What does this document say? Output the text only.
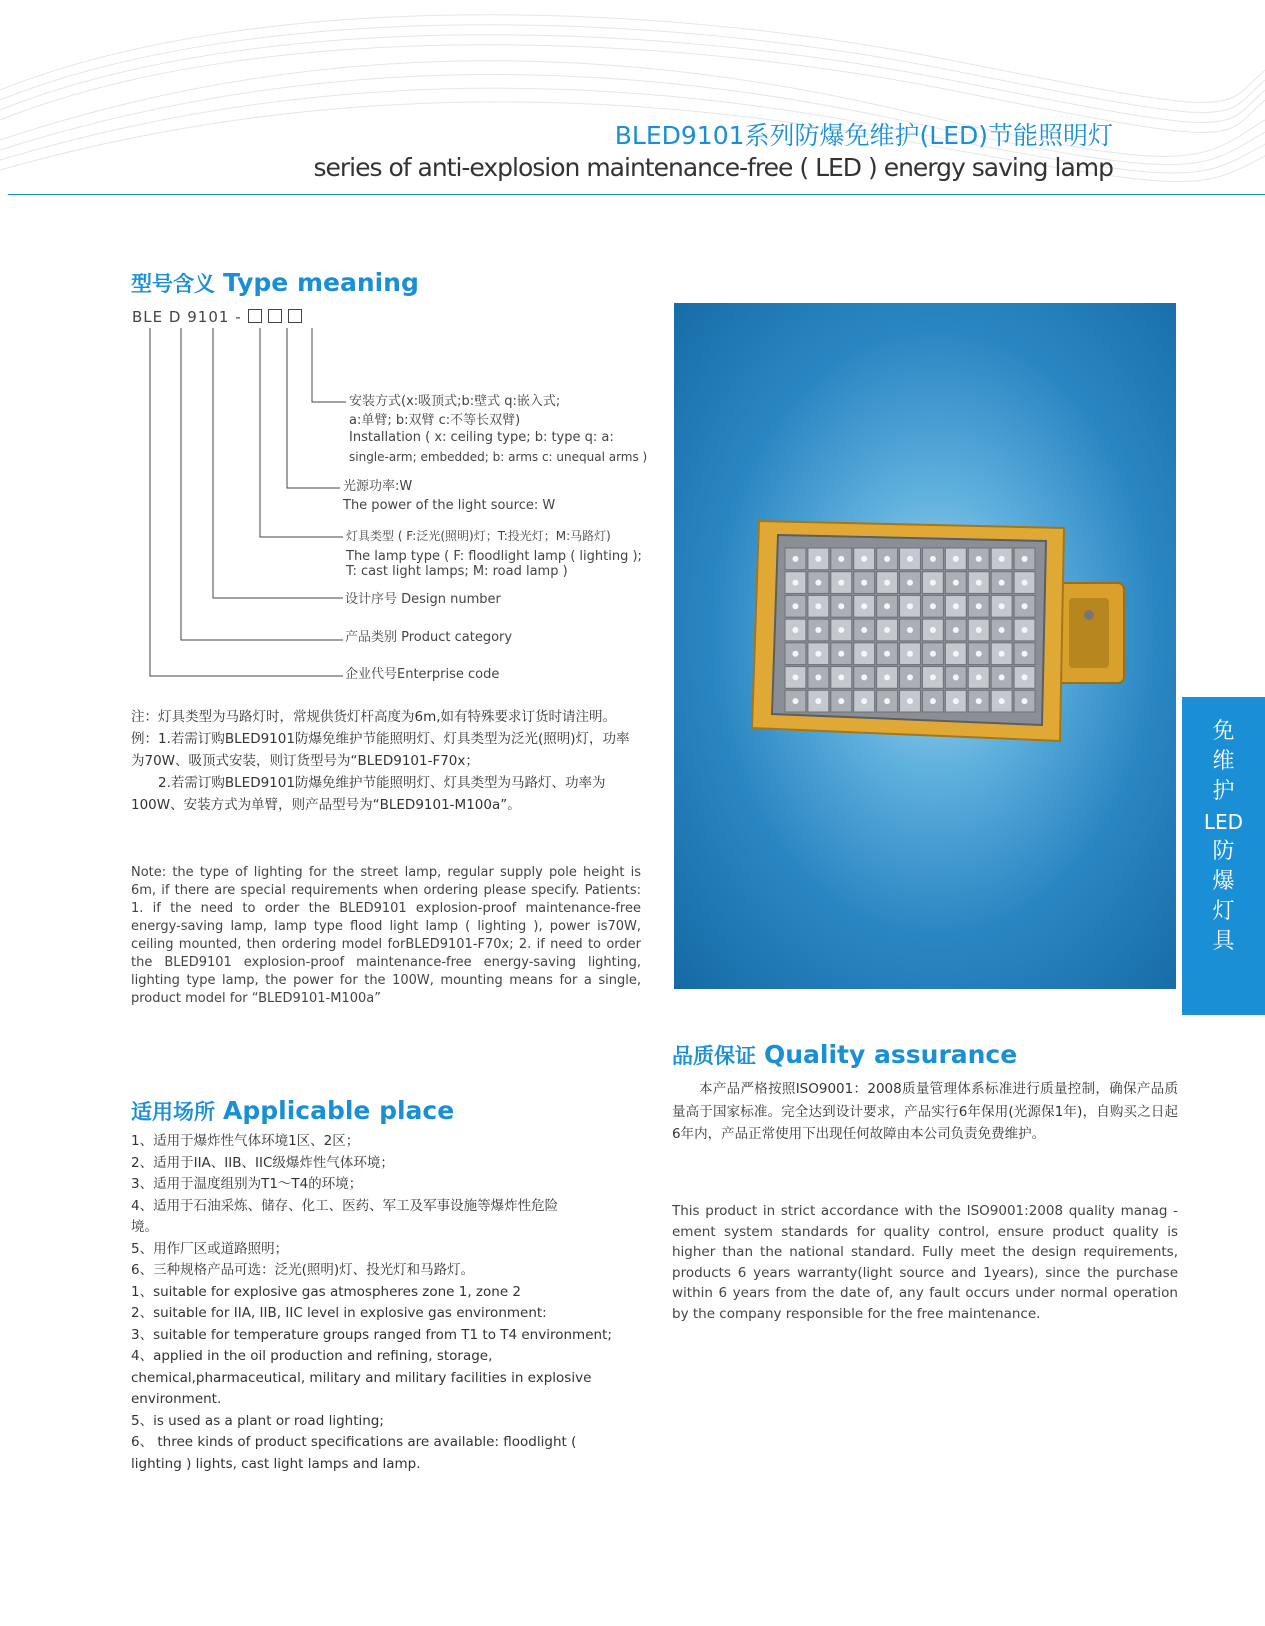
BLED9101系列防爆免维护(LED)节能照明灯
series of anti-explosion maintenance-free ( LED ) energy saving lamp
型号含义 Type meaning
BLE D 9101 -
安装方式(x:吸顶式;b:壁式 q:嵌入式;
a:单臂; b:双臂 c:不等长双臂)
Installation ( x: ceiling type; b: type q: a:
single-arm; embedded; b: arms c: unequal arms )
光源功率:W
The power of the light source: W
灯具类型 ( F:泛光(照明)灯；T:投光灯；M:马路灯)
The lamp type ( F: floodlight lamp ( lighting );
T: cast light lamps; M: road lamp )
设计序号 Design number
产品类别 Product category
企业代号Enterprise code

注：灯具类型为马路灯时，常规供货灯杆高度为6m,如有特殊要求订货时请注明。

例：1.若需订购BLED9101防爆免维护节能照明灯、灯具类型为泛光(照明)灯，功率为70W、吸顶式安装，则订货型号为“BLED9101-F70x；

　　2.若需订购BLED9101防爆免维护节能照明灯、灯具类型为马路灯、功率为100W、安装方式为单臂，则产品型号为“BLED9101-M100a”。

Note: the type of lighting for the street lamp, regular supply pole height is 6m, if there are special requirements when ordering please specify. Patients: 1. if the need to order the BLED9101 explosion-proof maintenance-free energy-saving lamp, lamp type flood light lamp ( lighting ), power is70W, ceiling mounted, then ordering model forBLED9101-F70x; 2. if need to order the BLED9101 explosion-proof maintenance-free energy-saving lighting, lighting type lamp, the power for the 100W, mounting means for a single, product model for “BLED9101-M100a”
适用场所 Applicable place
1、适用于爆炸性气体环境1区、2区；
2、适用于IIA、IIB、IIC级爆炸性气体环境；
3、适用于温度组别为T1～T4的环境；
4、适用于石油采炼、储存、化工、医药、军工及军事设施等爆炸性危险
境。
5、用作厂区或道路照明；
6、三种规格产品可选：泛光(照明)灯、投光灯和马路灯。
1、suitable for explosive gas atmospheres zone 1, zone 2
2、suitable for IIA, IIB, IIC level in explosive gas environment:
3、suitable for temperature groups ranged from T1 to T4 environment;
4、applied in the oil production and refining, storage,
chemical,pharmaceutical, military and military facilities in explosive
environment.
5、is used as a plant or road lighting;
6、 three kinds of product specifications are available: floodlight (
lighting ) lights, cast light lamps and lamp.
免
维
护
LED
防
爆
灯
具
品质保证 Quality assurance
本产品严格按照ISO9001：2008质量管理体系标准进行质量控制，确保产品质量高于国家标准。完全达到设计要求，产品实行6年保用(光源保1年)，自购买之日起6年内，产品正常使用下出现任何故障由本公司负责免费维护。
This product in strict accordance with the ISO9001:2008 quality manag -ement system standards for quality control, ensure product quality is higher than the national standard. Fully meet the design requirements, products 6 years warranty(light source and 1years), since the purchase within 6 years from the date of, any fault occurs under normal operation by the company responsible for the free maintenance.
